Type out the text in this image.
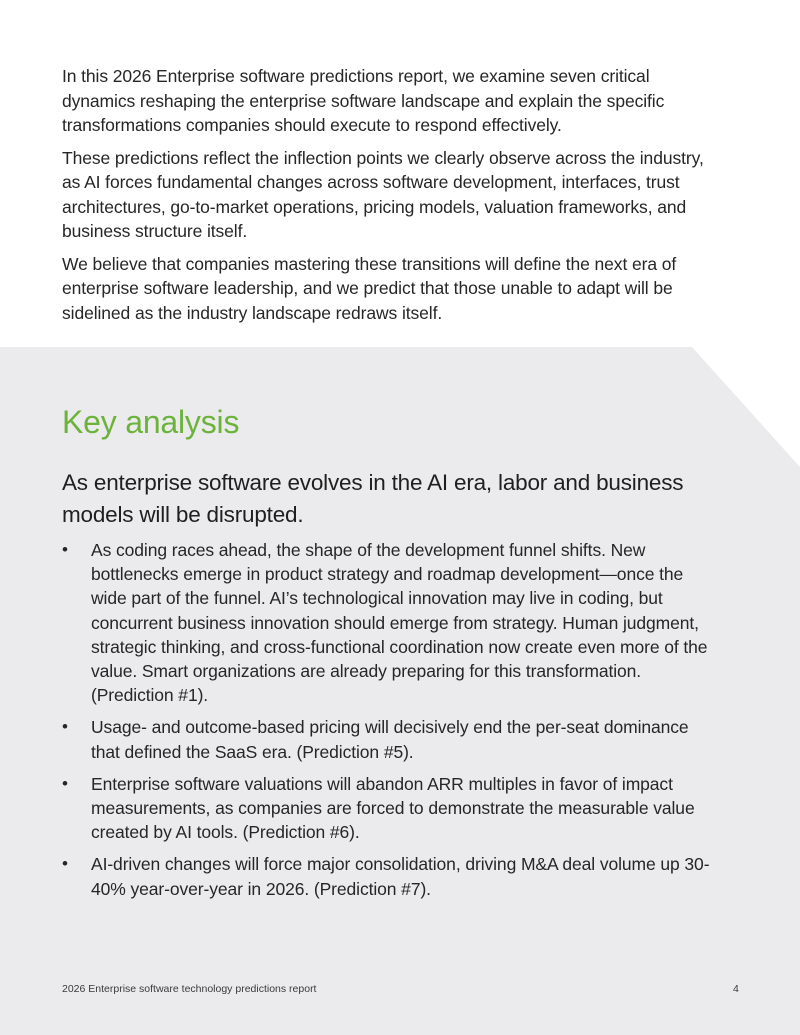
In this 2026 Enterprise software predictions report, we examine seven critical dynamics reshaping the enterprise software landscape and explain the specific transformations companies should execute to respond effectively.

These predictions reflect the inflection points we clearly observe across the industry, as AI forces fundamental changes across software development, interfaces, trust architectures, go-to-market operations, pricing models, valuation frameworks, and business structure itself.

We believe that companies mastering these transitions will define the next era of enterprise software leadership, and we predict that those unable to adapt will be sidelined as the industry landscape redraws itself.

Key analysis

As enterprise software evolves in the AI era, labor and business models will be disrupted.

• As coding races ahead, the shape of the development funnel shifts. New bottlenecks emerge in product strategy and roadmap development—once the wide part of the funnel. AI’s technological innovation may live in coding, but concurrent business innovation should emerge from strategy. Human judgment, strategic thinking, and cross-functional coordination now create even more of the value. Smart organizations are already preparing for this transformation. (Prediction #1).
• Usage- and outcome-based pricing will decisively end the per-seat dominance that defined the SaaS era. (Prediction #5).
• Enterprise software valuations will abandon ARR multiples in favor of impact measurements, as companies are forced to demonstrate the measurable value created by AI tools. (Prediction #6).
• AI-driven changes will force major consolidation, driving M&A deal volume up 30-40% year-over-year in 2026. (Prediction #7).
2026 Enterprise software technology predictions report	4
